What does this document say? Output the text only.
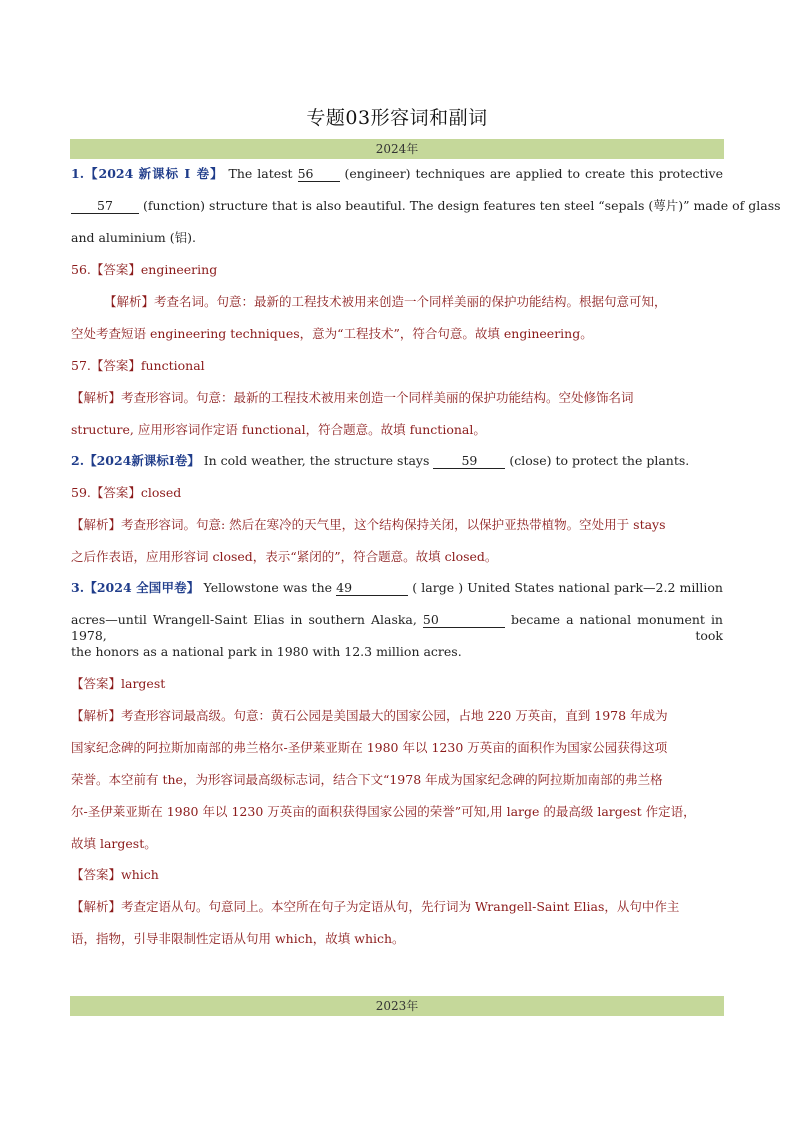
专题03形容词和副词
2024年
1.【2024 新课标 Ⅰ 卷】 The latest 56 (engineer) techniques are applied to create this protective
57 (function) structure that is also beautiful. The design features ten steel “sepals (萼片)” made of glass
and aluminium (铝).
56.【答案】engineering
【解析】考查名词。句意：最新的工程技术被用来创造一个同样美丽的保护功能结构。根据句意可知，
空处考查短语 engineering techniques，意为“工程技术”，符合句意。故填 engineering。
57.【答案】functional
【解析】考查形容词。句意：最新的工程技术被用来创造一个同样美丽的保护功能结构。空处修饰名词
structure, 应用形容词作定语 functional，符合题意。故填 functional。
2.【2024新课标Ⅰ卷】 In cold weather, the structure stays	59	(close) to protect the plants.
59.【答案】closed
【解析】考查形容词。句意: 然后在寒冷的天气里，这个结构保持关闭，以保护亚热带植物。空处用于 stays
之后作表语，应用形容词 closed，表示“紧闭的”，符合题意。故填 closed。
3.【2024 全国甲卷】 Yellowstone was the 49	( large ) United States national park—2.2 million
acres—until Wrangell-Saint Elias in southern Alaska, 50	became a national monument in 1978, took
the honors as a national park in 1980 with 12.3 million acres.
【答案】largest
【解析】考查形容词最高级。句意：黄石公园是美国最大的国家公园，占地 220 万英亩，直到 1978 年成为
国家纪念碑的阿拉斯加南部的弗兰格尔-圣伊莱亚斯在 1980 年以 1230 万英亩的面积作为国家公园获得这项
荣誉。本空前有 the，为形容词最高级标志词，结合下文“1978 年成为国家纪念碑的阿拉斯加南部的弗兰格
尔-圣伊莱亚斯在 1980 年以 1230 万英亩的面积获得国家公园的荣誉”可知,用 large 的最高级 largest 作定语，
故填 largest。
【答案】which
【解析】考查定语从句。句意同上。本空所在句子为定语从句，先行词为 Wrangell-Saint Elias，从句中作主
语，指物，引导非限制性定语从句用 which，故填 which。
2023年
